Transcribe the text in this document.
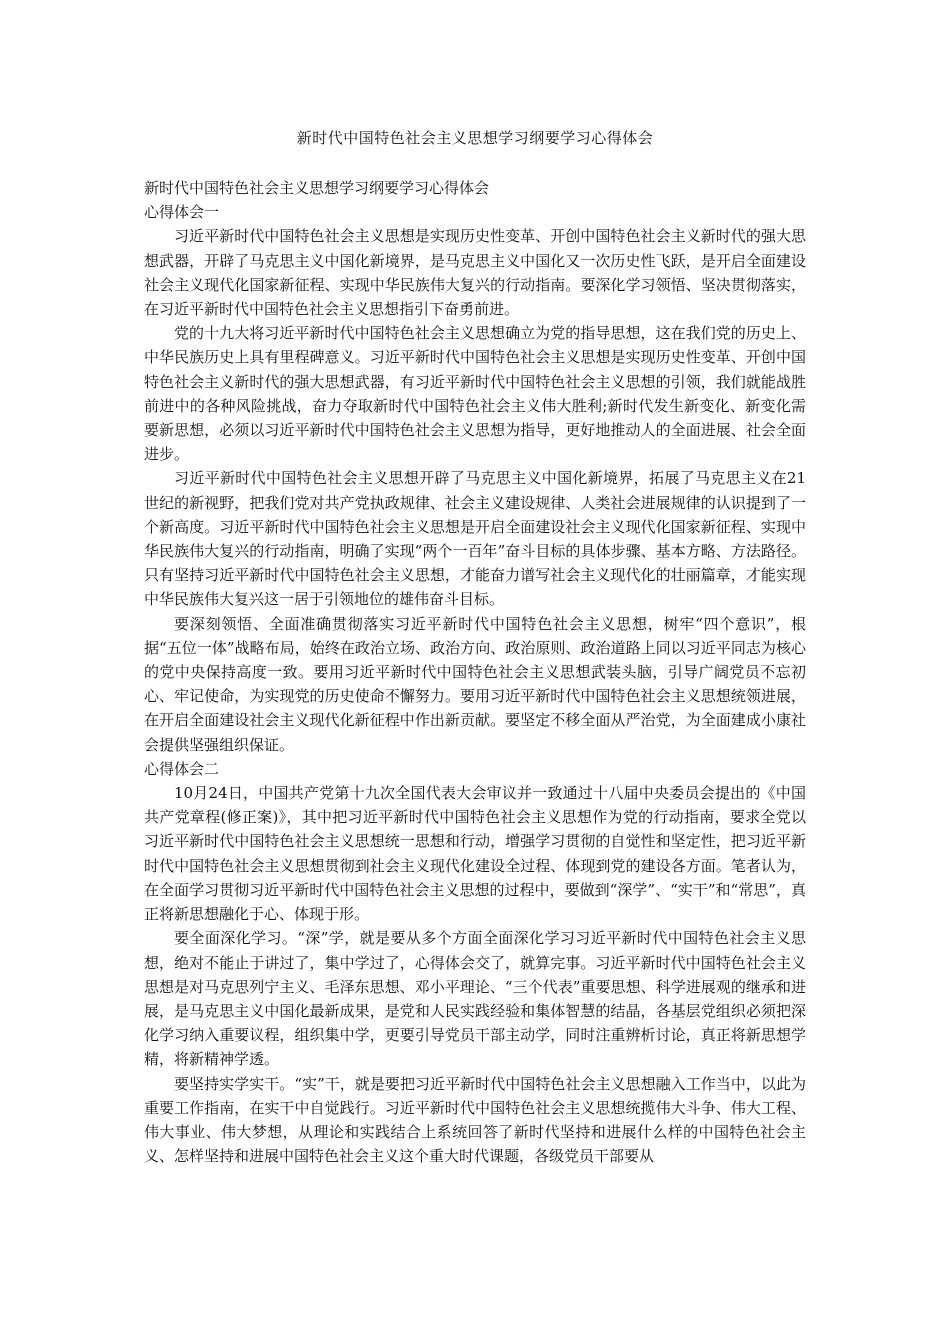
新时代中国特色社会主义思想学习纲要学习心得体会

新时代中国特色社会主义思想学习纲要学习心得体会

心得体会一

习近平新时代中国特色社会主义思想是实现历史性变革、开创中国特色社会主义新时代的强大思想武器，开辟了马克思主义中国化新境界，是马克思主义中国化又一次历史性飞跃，是开启全面建设社会主义现代化国家新征程、实现中华民族伟大复兴的行动指南。要深化学习领悟、坚决贯彻落实，在习近平新时代中国特色社会主义思想指引下奋勇前进。

党的十九大将习近平新时代中国特色社会主义思想确立为党的指导思想，这在我们党的历史上、中华民族历史上具有里程碑意义。习近平新时代中国特色社会主义思想是实现历史性变革、开创中国特色社会主义新时代的强大思想武器，有习近平新时代中国特色社会主义思想的引领，我们就能战胜前进中的各种风险挑战，奋力夺取新时代中国特色社会主义伟大胜利;新时代发生新变化、新变化需要新思想，必须以习近平新时代中国特色社会主义思想为指导，更好地推动人的全面进展、社会全面进步。

习近平新时代中国特色社会主义思想开辟了马克思主义中国化新境界，拓展了马克思主义在21世纪的新视野，把我们党对共产党执政规律、社会主义建设规律、人类社会进展规律的认识提到了一个新高度。习近平新时代中国特色社会主义思想是开启全面建设社会主义现代化国家新征程、实现中华民族伟大复兴的行动指南，明确了实现“两个一百年”奋斗目标的具体步骤、基本方略、方法路径。只有坚持习近平新时代中国特色社会主义思想，才能奋力谱写社会主义现代化的壮丽篇章，才能实现中华民族伟大复兴这一居于引领地位的雄伟奋斗目标。

要深刻领悟、全面准确贯彻落实习近平新时代中国特色社会主义思想，树牢“四个意识”，根据“五位一体”战略布局，始终在政治立场、政治方向、政治原则、政治道路上同以习近平同志为核心的党中央保持高度一致。要用习近平新时代中国特色社会主义思想武装头脑，引导广阔党员不忘初心、牢记使命，为实现党的历史使命不懈努力。要用习近平新时代中国特色社会主义思想统领进展，在开启全面建设社会主义现代化新征程中作出新贡献。要坚定不移全面从严治党，为全面建成小康社会提供坚强组织保证。

心得体会二

10月24日，中国共产党第十九次全国代表大会审议并一致通过十八届中央委员会提出的《中国共产党章程(修正案)》，其中把习近平新时代中国特色社会主义思想作为党的行动指南，要求全党以习近平新时代中国特色社会主义思想统一思想和行动，增强学习贯彻的自觉性和坚定性，把习近平新时代中国特色社会主义思想贯彻到社会主义现代化建设全过程、体现到党的建设各方面。笔者认为，在全面学习贯彻习近平新时代中国特色社会主义思想的过程中，要做到“深学”、“实干”和“常思”，真正将新思想融化于心、体现于形。

要全面深化学习。“深”学，就是要从多个方面全面深化学习习近平新时代中国特色社会主义思想，绝对不能止于讲过了，集中学过了，心得体会交了，就算完事。习近平新时代中国特色社会主义思想是对马克思列宁主义、毛泽东思想、邓小平理论、“三个代表”重要思想、科学进展观的继承和进展，是马克思主义中国化最新成果，是党和人民实践经验和集体智慧的结晶，各基层党组织必须把深化学习纳入重要议程，组织集中学，更要引导党员干部主动学，同时注重辨析讨论，真正将新思想学精，将新精神学透。

要坚持实学实干。“实”干，就是要把习近平新时代中国特色社会主义思想融入工作当中，以此为重要工作指南，在实干中自觉践行。习近平新时代中国特色社会主义思想统揽伟大斗争、伟大工程、伟大事业、伟大梦想，从理论和实践结合上系统回答了新时代坚持和进展什么样的中国特色社会主义、怎样坚持和进展中国特色社会主义这个重大时代课题，各级党员干部要从
